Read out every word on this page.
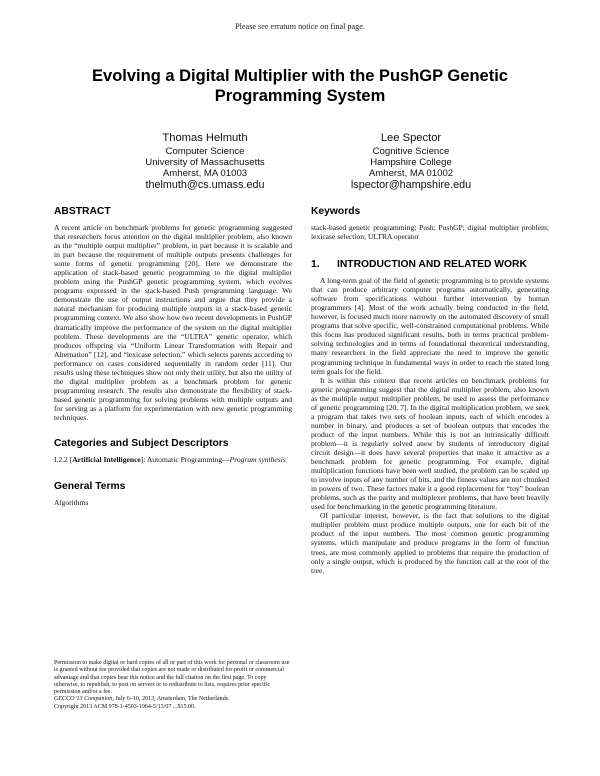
Please see erratum notice on final page.
Evolving a Digital Multiplier with the PushGP Genetic Programming System
Thomas Helmuth
Computer Science
University of Massachusetts
Amherst, MA 01003
thelmuth@cs.umass.edu
Lee Spector
Cognitive Science
Hampshire College
Amherst, MA 01002
lspector@hampshire.edu
ABSTRACT

A recent article on benchmark problems for genetic programming suggested that researchers focus attention on the digital multiplier problem, also known as the “multiple output multiplier” problem, in part because it is scalable and in part because the requirement of multiple outputs presents challenges for some forms of genetic programming [20]. Here we demonstrate the application of stack-based genetic programming to the digital multiplier problem using the PushGP genetic programming system, which evolves programs expressed in the stack-based Push programming language. We demonstrate the use of output instructions and argue that they provide a natural mechanism for producing multiple outputs in a stack-based genetic programming context. We also show how two recent developments in PushGP dramatically improve the performance of the system on the digital multiplier problem. These developments are the “ULTRA” genetic operator, which produces offspring via “Uniform Linear Transformation with Repair and Alternation” [12], and “lexicase selection,” which selects parents according to performance on cases considered sequentially in random order [11]. Our results using these techniques show not only their utility, but also the utility of the digital multiplier problem as a benchmark problem for genetic programming research. The results also demonstrate the flexibility of stack-based genetic programming for solving problems with multiple outputs and for serving as a platform for experimentation with new genetic programming techniques.

Categories and Subject Descriptors

I.2.2 [Artificial Intelligence]: Automatic Programming—Program synthesis

General Terms

Algorithms

Permission to make digital or hard copies of all or part of this work for personal or classroom use is granted without fee provided that copies are not made or distributed for profit or commercial advantage and that copies bear this notice and the full citation on the first page. To copy otherwise, to republish, to post on servers or to redistribute to lists, requires prior specific permission and/or a fee.
GECCO’13 Companion, July 6–10, 2013, Amsterdam, The Netherlands.
Copyright 2013 ACM 978-1-4503-1964-5/13/07 ...$15.00.
Keywords

stack-based genetic programming; Push; PushGP; digital multiplier problem; lexicase selection; ULTRA operator

1.	INTRODUCTION AND RELATED WORK

A long-term goal of the field of genetic programming is to provide systems that can produce arbitrary computer programs automatically, generating software from specifications without further intervention by human programmers [4]. Most of the work actually being conducted in the field, however, is focused much more narrowly on the automated discovery of small programs that solve specific, well-constrained computational problems. While this focus has produced significant results, both in terms practical problem-solving technologies and in terms of foundational theoretical understanding, many researchers in the field appreciate the need to improve the genetic programming technique in fundamental ways in order to reach the stated long term goals for the field.

It is within this context that recent articles on benchmark problems for genetic programming suggest that the digital multiplier problem, also known as the multiple output multiplier problem, be used to assess the performance of genetic programming [20, 7]. In the digital multiplication problem, we seek a program that takes two sets of boolean inputs, each of which encodes a number in binary, and produces a set of boolean outputs that encodes the product of the input numbers. While this is not an intrinsically difficult problem—it is regularly solved anew by students of introductory digital circuit design—it does have several properties that make it attractive as a benchmark problem for genetic programming. For example, digital multiplication functions have been well studied, the problem can be scaled up to involve inputs of any number of bits, and the fitness values are not chunked in powers of two. These factors make it a good replacement for “toy” boolean problems, such as the parity and multiplexer problems, that have been heavily used for benchmarking in the genetic programming literature.

Of particular interest, however, is the fact that solutions to the digital multiplier problem must produce multiple outputs, one for each bit of the product of the input numbers. The most common genetic programming systems, which manipulate and produce programs in the form of function trees, are most commonly applied to problems that require the production of only a single output, which is produced by the function call at the root of the tree.
